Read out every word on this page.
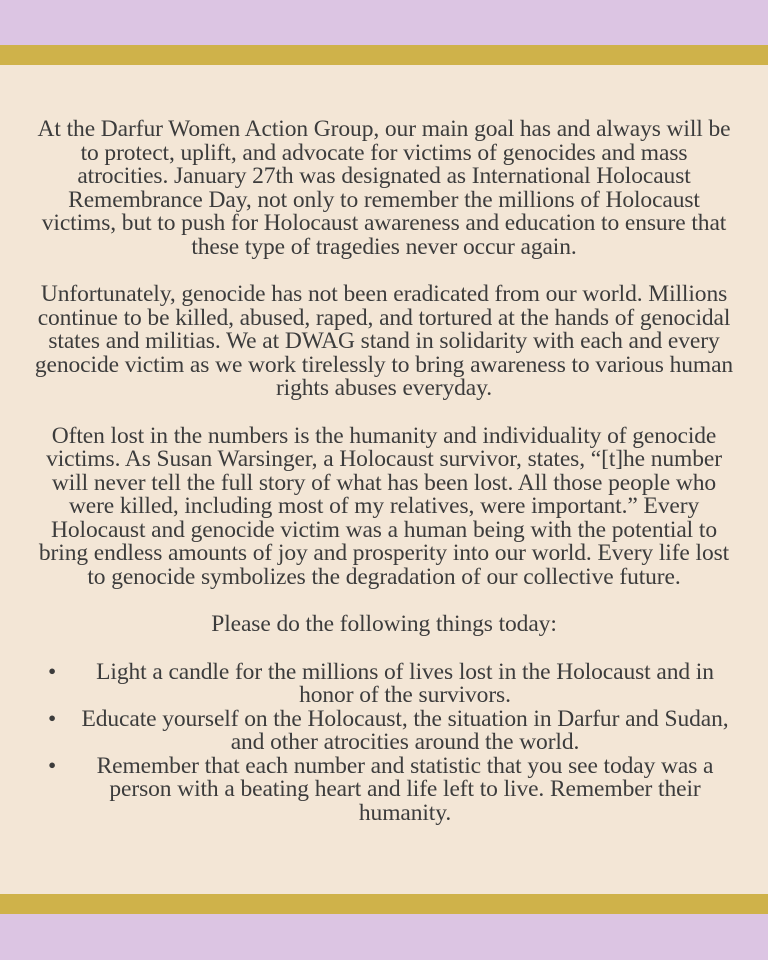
At the Darfur Women Action Group, our main goal has and always will be to protect, uplift, and advocate for victims of genocides and mass atrocities. January 27th was designated as International Holocaust Remembrance Day, not only to remember the millions of Holocaust victims, but to push for Holocaust awareness and education to ensure that these type of tragedies never occur again.

Unfortunately, genocide has not been eradicated from our world. Millions continue to be killed, abused, raped, and tortured at the hands of genocidal states and militias. We at DWAG stand in solidarity with each and every genocide victim as we work tirelessly to bring awareness to various human rights abuses everyday.

Often lost in the numbers is the humanity and individuality of genocide victims. As Susan Warsinger, a Holocaust survivor, states, “[t]he number will never tell the full story of what has been lost. All those people who were killed, including most of my relatives, were important.” Every Holocaust and genocide victim was a human being with the potential to bring endless amounts of joy and prosperity into our world. Every life lost to genocide symbolizes the degradation of our collective future.

Please do the following things today:

• Light a candle for the millions of lives lost in the Holocaust and in honor of the survivors.
• Educate yourself on the Holocaust, the situation in Darfur and Sudan, and other atrocities around the world.
• Remember that each number and statistic that you see today was a person with a beating heart and life left to live. Remember their humanity.
